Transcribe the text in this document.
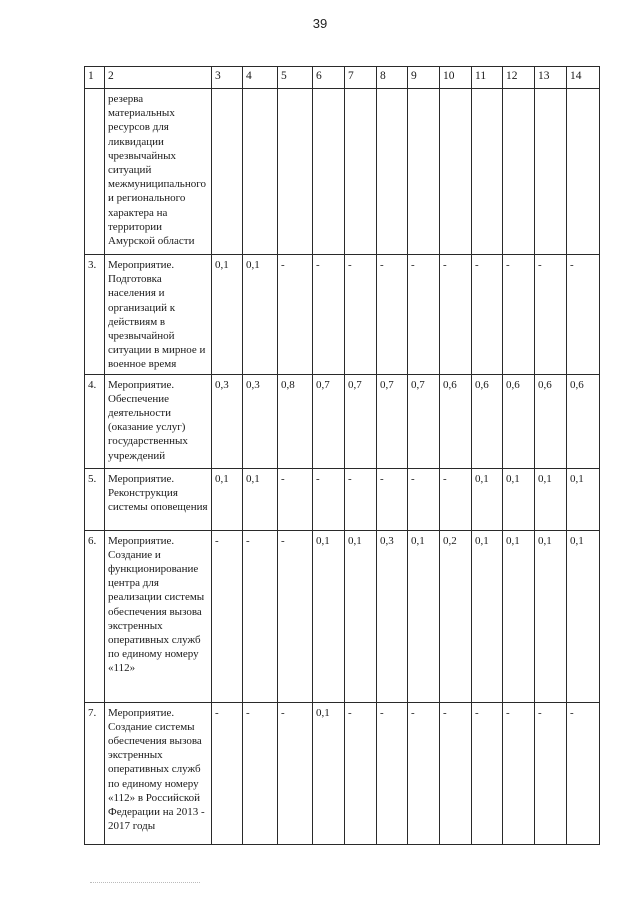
39
1	2	3	4	5	6	7	8	9	10	11	12	13	14
	резерва материальных ресурсов для ликвидации чрезвычайных ситуаций межмуниципального и регионального характера на территории Амурской области												
3.	Мероприятие. Подготовка населения и организаций к действиям в чрезвычайной ситуации в мирное и военное время	0,1	0,1	-	-	-	-	-	-	-	-	-	-
4.	Мероприятие. Обеспечение деятельности (оказание услуг) государственных учреждений	0,3	0,3	0,8	0,7	0,7	0,7	0,7	0,6	0,6	0,6	0,6	0,6
5.	Мероприятие. Реконструкция системы оповещения	0,1	0,1	-	-	-	-	-	-	0,1	0,1	0,1	0,1
6.	Мероприятие. Создание и функционирование центра для реализации системы обеспечения вызова экстренных оперативных служб по единому номеру «112»	-	-	-	0,1	0,1	0,3	0,1	0,2	0,1	0,1	0,1	0,1
7.	Мероприятие. Создание системы обеспечения вызова экстренных оперативных служб по единому номеру «112» в Российской Федерации на 2013 - 2017 годы	-	-	-	0,1	-	-	-	-	-	-	-	-
